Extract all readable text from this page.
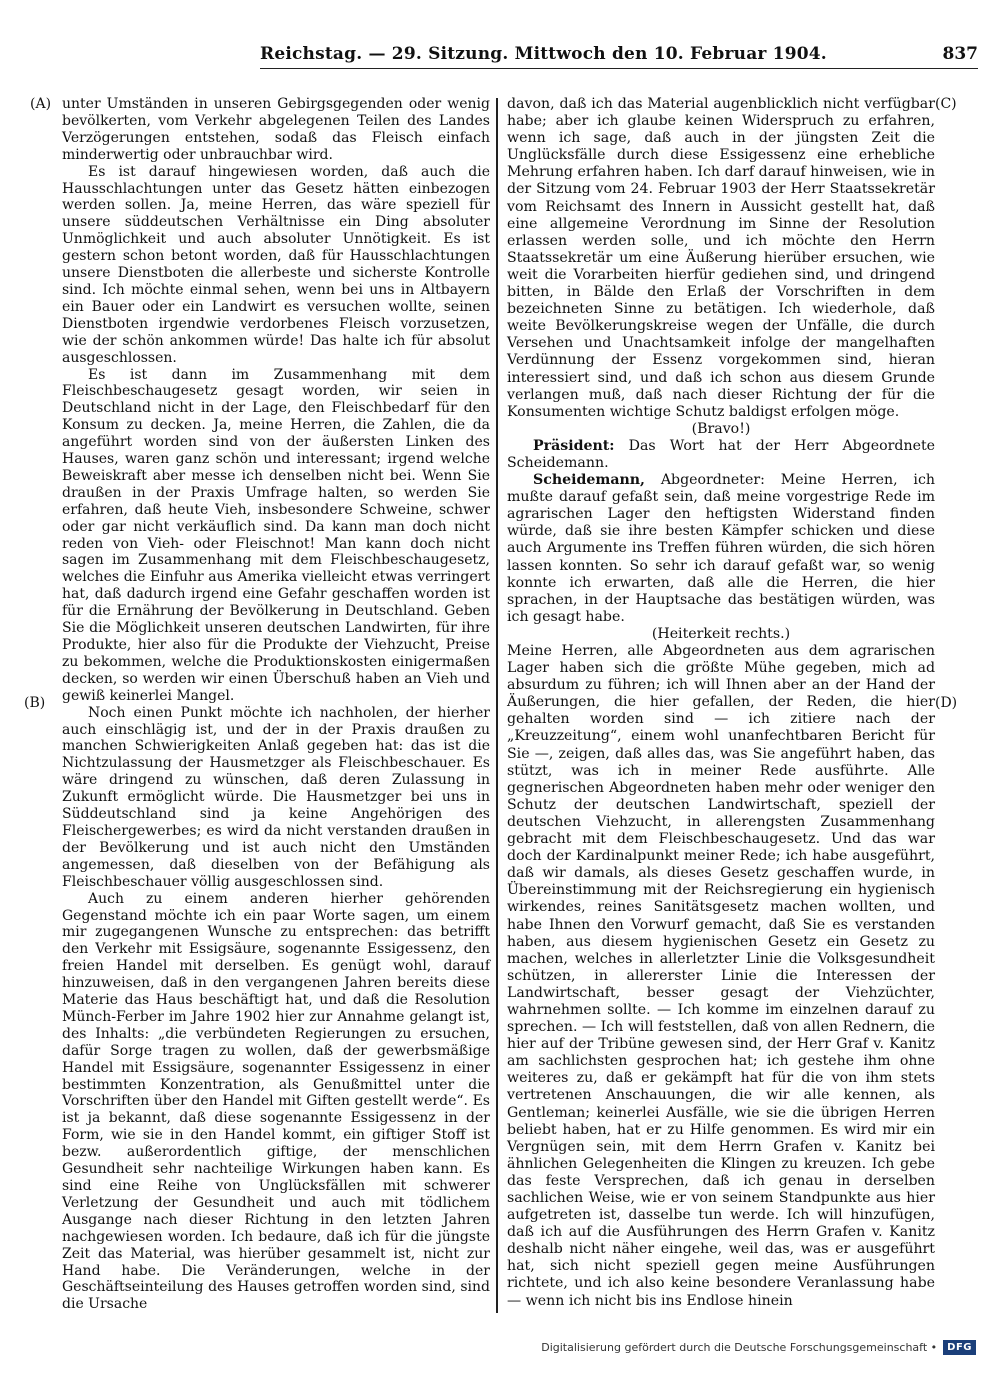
Reichstag. — 29. Sitzung. Mittwoch den 10. Februar 1904.	837
(A)
(B)
(C)
(D)

unter Umständen in unseren Gebirgsgegenden oder wenig bevölkerten, vom Verkehr abgelegenen Teilen des Landes Verzögerungen entstehen, sodaß das Fleisch einfach minderwertig oder unbrauchbar wird.

Es ist darauf hingewiesen worden, daß auch die Hausschlachtungen unter das Gesetz hätten einbezogen werden sollen. Ja, meine Herren, das wäre speziell für unsere süddeutschen Verhältnisse ein Ding absoluter Unmöglichkeit und auch absoluter Unnötigkeit. Es ist gestern schon betont worden, daß für Hausschlachtungen unsere Dienstboten die allerbeste und sicherste Kontrolle sind. Ich möchte einmal sehen, wenn bei uns in Altbayern ein Bauer oder ein Landwirt es versuchen wollte, seinen Dienstboten irgendwie verdorbenes Fleisch vorzusetzen, wie der schön ankommen würde! Das halte ich für absolut ausgeschlossen.

Es ist dann im Zusammenhang mit dem Fleischbeschaugesetz gesagt worden, wir seien in Deutschland nicht in der Lage, den Fleischbedarf für den Konsum zu decken. Ja, meine Herren, die Zahlen, die da angeführt worden sind von der äußersten Linken des Hauses, waren ganz schön und interessant; irgend welche Beweiskraft aber messe ich denselben nicht bei. Wenn Sie draußen in der Praxis Umfrage halten, so werden Sie erfahren, daß heute Vieh, insbesondere Schweine, schwer oder gar nicht verkäuflich sind. Da kann man doch nicht reden von Vieh- oder Fleischnot! Man kann doch nicht sagen im Zusammenhang mit dem Fleischbeschaugesetz, welches die Einfuhr aus Amerika vielleicht etwas verringert hat, daß dadurch irgend eine Gefahr geschaffen worden ist für die Ernährung der Bevölkerung in Deutschland. Geben Sie die Möglichkeit unseren deutschen Landwirten, für ihre Produkte, hier also für die Produkte der Viehzucht, Preise zu bekommen, welche die Produktionskosten einigermaßen decken, so werden wir einen Überschuß haben an Vieh und gewiß keinerlei Mangel.

Noch einen Punkt möchte ich nachholen, der hierher auch einschlägig ist, und der in der Praxis draußen zu manchen Schwierigkeiten Anlaß gegeben hat: das ist die Nichtzulassung der Hausmetzger als Fleischbeschauer. Es wäre dringend zu wünschen, daß deren Zulassung in Zukunft ermöglicht würde. Die Hausmetzger bei uns in Süddeutschland sind ja keine Angehörigen des Fleischergewerbes; es wird da nicht verstanden draußen in der Bevölkerung und ist auch nicht den Umständen angemessen, daß dieselben von der Befähigung als Fleischbeschauer völlig ausgeschlossen sind.

Auch zu einem anderen hierher gehörenden Gegenstand möchte ich ein paar Worte sagen, um einem mir zugegangenen Wunsche zu entsprechen: das betrifft den Verkehr mit Essigsäure, sogenannte Essigessenz, den freien Handel mit derselben. Es genügt wohl, darauf hinzuweisen, daß in den vergangenen Jahren bereits diese Materie das Haus beschäftigt hat, und daß die Resolution Münch-Ferber im Jahre 1902 hier zur Annahme gelangt ist, des Inhalts: „die verbündeten Regierungen zu ersuchen, dafür Sorge tragen zu wollen, daß der gewerbsmäßige Handel mit Essigsäure, sogenannter Essigessenz in einer bestimmten Konzentration, als Genußmittel unter die Vorschriften über den Handel mit Giften gestellt werde“. Es ist ja bekannt, daß diese sogenannte Essigessenz in der Form, wie sie in den Handel kommt, ein giftiger Stoff ist bezw. außerordentlich giftige, der menschlichen Gesundheit sehr nachteilige Wirkungen haben kann. Es sind eine Reihe von Unglücksfällen mit schwerer Verletzung der Gesundheit und auch mit tödlichem Ausgange nach dieser Richtung in den letzten Jahren nachgewiesen worden. Ich bedaure, daß ich für die jüngste Zeit das Material, was hierüber gesammelt ist, nicht zur Hand habe. Die Veränderungen, welche in der Geschäftseinteilung des Hauses getroffen worden sind, sind die Ursache

davon, daß ich das Material augenblicklich nicht verfügbar habe; aber ich glaube keinen Widerspruch zu erfahren, wenn ich sage, daß auch in der jüngsten Zeit die Unglücksfälle durch diese Essigessenz eine erhebliche Mehrung erfahren haben. Ich darf darauf hinweisen, wie in der Sitzung vom 24. Februar 1903 der Herr Staatssekretär vom Reichsamt des Innern in Aussicht gestellt hat, daß eine allgemeine Verordnung im Sinne der Resolution erlassen werden solle, und ich möchte den Herrn Staatssekretär um eine Äußerung hierüber ersuchen, wie weit die Vorarbeiten hierfür gediehen sind, und dringend bitten, in Bälde den Erlaß der Vorschriften in dem bezeichneten Sinne zu betätigen. Ich wiederhole, daß weite Bevölkerungskreise wegen der Unfälle, die durch Versehen und Unachtsamkeit infolge der mangelhaften Verdünnung der Essenz vorgekommen sind, hieran interessiert sind, und daß ich schon aus diesem Grunde verlangen muß, daß nach dieser Richtung der für die Konsumenten wichtige Schutz baldigst erfolgen möge.

(Bravo!)

Präsident: Das Wort hat der Herr Abgeordnete Scheidemann.

Scheidemann, Abgeordneter: Meine Herren, ich mußte darauf gefaßt sein, daß meine vorgestrige Rede im agrarischen Lager den heftigsten Widerstand finden würde, daß sie ihre besten Kämpfer schicken und diese auch Argumente ins Treffen führen würden, die sich hören lassen konnten. So sehr ich darauf gefaßt war, so wenig konnte ich erwarten, daß alle die Herren, die hier sprachen, in der Hauptsache das bestätigen würden, was ich gesagt habe.

(Heiterkeit rechts.)

Meine Herren, alle Abgeordneten aus dem agrarischen Lager haben sich die größte Mühe gegeben, mich ad absurdum zu führen; ich will Ihnen aber an der Hand der Äußerungen, die hier gefallen, der Reden, die hier gehalten worden sind — ich zitiere nach der „Kreuzzeitung“, einem wohl unanfechtbaren Bericht für Sie —, zeigen, daß alles das, was Sie angeführt haben, das stützt, was ich in meiner Rede ausführte. Alle gegnerischen Abgeordneten haben mehr oder weniger den Schutz der deutschen Landwirtschaft, speziell der deutschen Viehzucht, in allerengsten Zusammenhang gebracht mit dem Fleischbeschaugesetz. Und das war doch der Kardinalpunkt meiner Rede; ich habe ausgeführt, daß wir damals, als dieses Gesetz geschaffen wurde, in Übereinstimmung mit der Reichsregierung ein hygienisch wirkendes, reines Sanitätsgesetz machen wollten, und habe Ihnen den Vorwurf gemacht, daß Sie es verstanden haben, aus diesem hygienischen Gesetz ein Gesetz zu machen, welches in allerletzter Linie die Volksgesundheit schützen, in allererster Linie die Interessen der Landwirtschaft, besser gesagt der Viehzüchter, wahrnehmen sollte. — Ich komme im einzelnen darauf zu sprechen. — Ich will feststellen, daß von allen Rednern, die hier auf der Tribüne gewesen sind, der Herr Graf v. Kanitz am sachlichsten gesprochen hat; ich gestehe ihm ohne weiteres zu, daß er gekämpft hat für die von ihm stets vertretenen Anschauungen, die wir alle kennen, als Gentleman; keinerlei Ausfälle, wie sie die übrigen Herren beliebt haben, hat er zu Hilfe genommen. Es wird mir ein Vergnügen sein, mit dem Herrn Grafen v. Kanitz bei ähnlichen Gelegenheiten die Klingen zu kreuzen. Ich gebe das feste Versprechen, daß ich genau in derselben sachlichen Weise, wie er von seinem Standpunkte aus hier aufgetreten ist, dasselbe tun werde. Ich will hinzufügen, daß ich auf die Ausführungen des Herrn Grafen v. Kanitz deshalb nicht näher eingehe, weil das, was er ausgeführt hat, sich nicht speziell gegen meine Ausführungen richtete, und ich also keine besondere Veranlassung habe — wenn ich nicht bis ins Endlose hinein

Digitalisierung gefördert durch die Deutsche Forschungsgemeinschaft •	DFG
